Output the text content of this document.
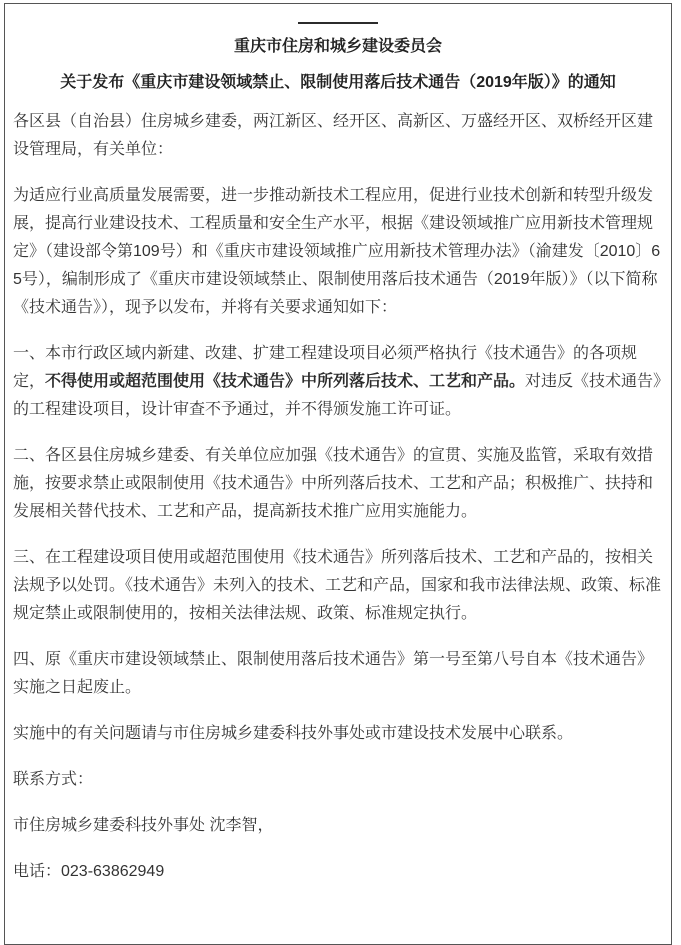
重庆市住房和城乡建设委员会
关于发布《重庆市建设领域禁止、限制使用落后技术通告（2019年版）》的通知

各区县（自治县）住房城乡建委，两江新区、经开区、高新区、万盛经开区、双桥经开区建设管理局，有关单位：

为适应行业高质量发展需要，进一步推动新技术工程应用，促进行业技术创新和转型升级发展，提高行业建设技术、工程质量和安全生产水平，根据《建设领域推广应用新技术管理规定》（建设部令第109号）和《重庆市建设领域推广应用新技术管理办法》（渝建发〔2010〕65号），编制形成了《重庆市建设领域禁止、限制使用落后技术通告（2019年版）》（以下简称《技术通告》），现予以发布，并将有关要求通知如下：

一、本市行政区域内新建、改建、扩建工程建设项目必须严格执行《技术通告》的各项规定，不得使用或超范围使用《技术通告》中所列落后技术、工艺和产品。对违反《技术通告》的工程建设项目，设计审查不予通过，并不得颁发施工许可证。

二、各区县住房城乡建委、有关单位应加强《技术通告》的宣贯、实施及监管，采取有效措施，按要求禁止或限制使用《技术通告》中所列落后技术、工艺和产品；积极推广、扶持和发展相关替代技术、工艺和产品，提高新技术推广应用实施能力。

三、在工程建设项目使用或超范围使用《技术通告》所列落后技术、工艺和产品的，按相关法规予以处罚。《技术通告》未列入的技术、工艺和产品，国家和我市法律法规、政策、标准规定禁止或限制使用的，按相关法律法规、政策、标准规定执行。

四、原《重庆市建设领域禁止、限制使用落后技术通告》第一号至第八号自本《技术通告》实施之日起废止。

实施中的有关问题请与市住房城乡建委科技外事处或市建设技术发展中心联系。

联系方式：

市住房城乡建委科技外事处 沈李智，

电话：023-63862949
